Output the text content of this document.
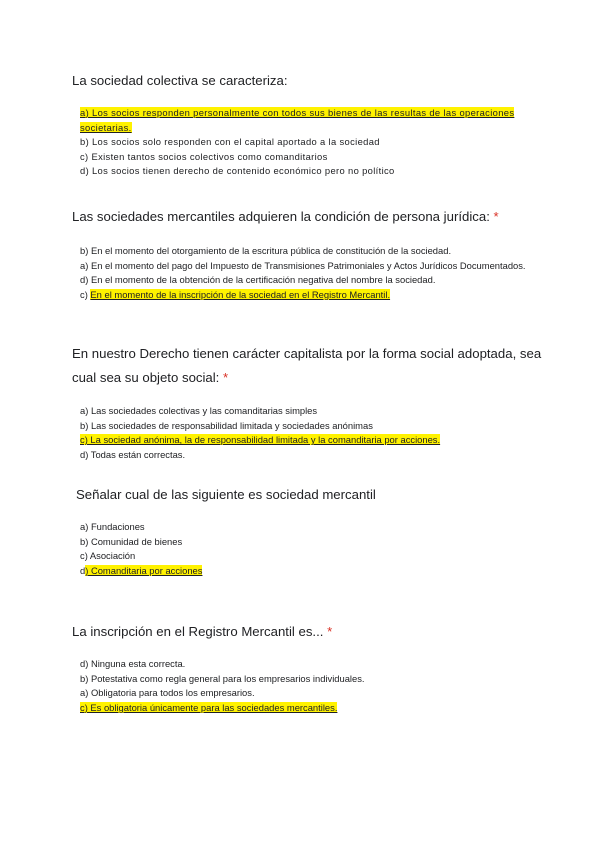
La sociedad colectiva se caracteriza:
a) Los socios responden personalmente con todos sus bienes de las resultas de las operaciones societarias.
b) Los socios solo responden con el capital aportado a la sociedad
c) Existen tantos socios colectivos como comanditarios
d) Los socios tienen derecho de contenido económico pero no político
Las sociedades mercantiles adquieren la condición de persona jurídica: *
b) En el momento del otorgamiento de la escritura pública de constitución de la sociedad.
a) En el momento del pago del Impuesto de Transmisiones Patrimoniales y Actos Jurídicos Documentados.
d) En el momento de la obtención de la certificación negativa del nombre la sociedad.
c) En el momento de la inscripción de la sociedad en el Registro Mercantil.
En nuestro Derecho tienen carácter capitalista por la forma social adoptada, sea cual sea su objeto social: *
a) Las sociedades colectivas y las comanditarias simples
b) Las sociedades de responsabilidad limitada y sociedades anónimas
c) La sociedad anónima, la de responsabilidad limitada y la comanditaria por acciones.
d) Todas están correctas.
Señalar cual de las siguiente es sociedad mercantil
a) Fundaciones
b) Comunidad de bienes
c) Asociación
d) Comanditaria por acciones
La inscripción en el Registro Mercantil es... *
d) Ninguna esta correcta.
b) Potestativa como regla general para los empresarios individuales.
a) Obligatoria para todos los empresarios.
c) Es obligatoria únicamente para las sociedades mercantiles.
